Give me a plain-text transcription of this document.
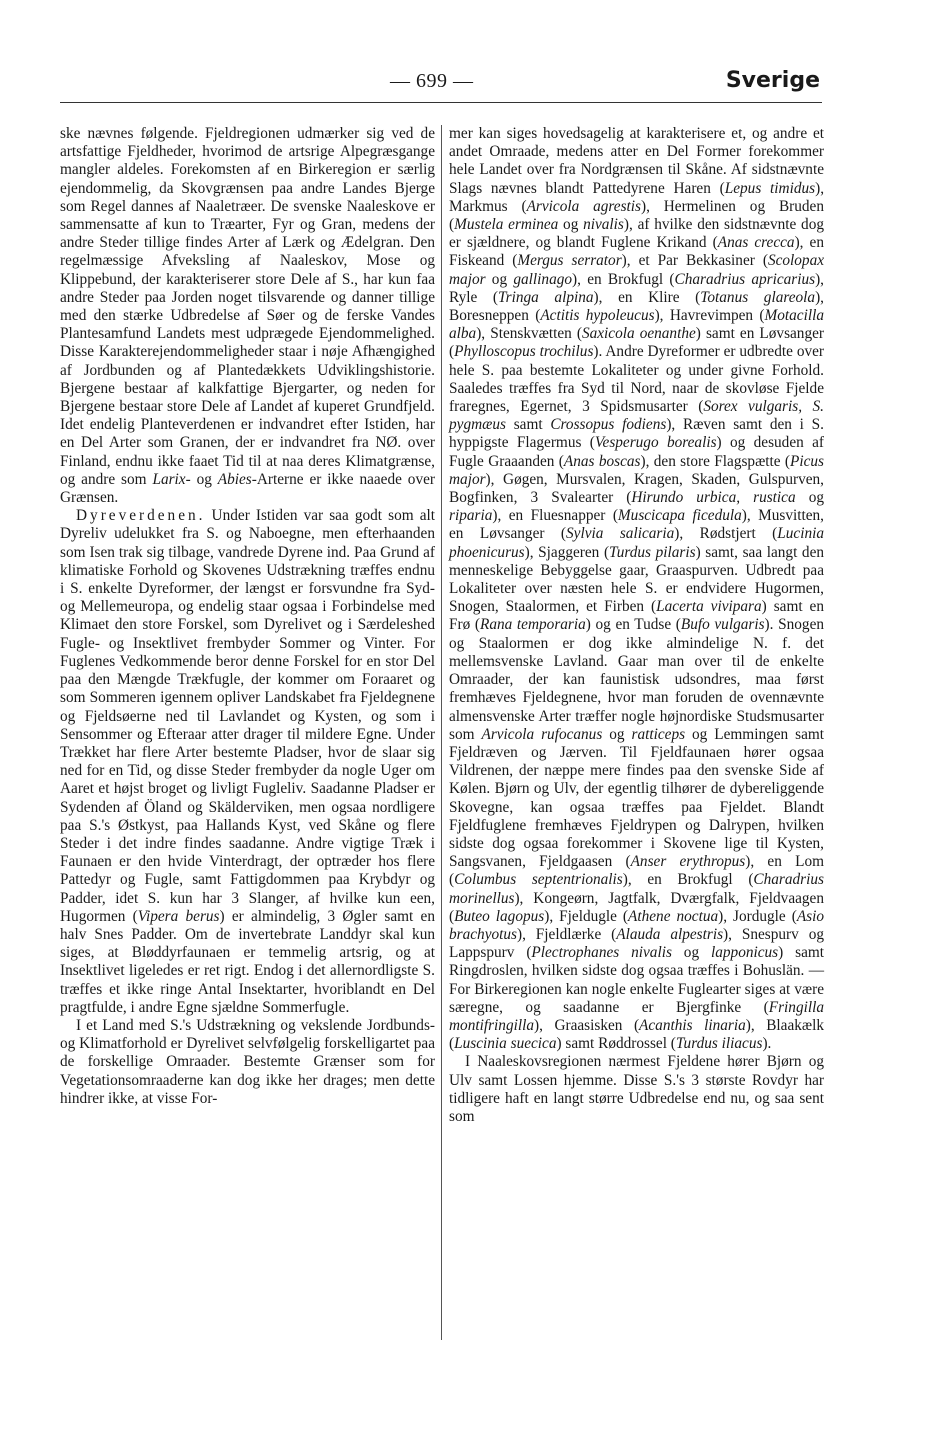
— 699 —	Sverige

ske nævnes følgende. Fjeldregionen udmærker sig ved de artsfattige Fjeldheder, hvorimod de artsrige Alpegræsgange mangler aldeles. Forekomsten af en Birkeregion er særlig ejendommelig, da Skovgrænsen paa andre Landes Bjerge som Regel dannes af Naaletræer. De svenske Naaleskove er sammensatte af kun to Træarter, Fyr og Gran, medens der andre Steder tillige findes Arter af Lærk og Ædelgran. Den regelmæssige Afveksling af Naaleskov, Mose og Klippebund, der karakteriserer store Dele af S., har kun faa andre Steder paa Jorden noget tilsvarende og danner tillige med den stærke Udbredelse af Søer og de ferske Vandes Plantesamfund Landets mest udprægede Ejendommelighed. Disse Karakterejendommeligheder staar i nøje Afhængighed af Jordbunden og af Plantedækkets Udviklingshistorie. Bjergene bestaar af kalkfattige Bjergarter, og neden for Bjergene bestaar store Dele af Landet af kuperet Grundfjeld. Idet endelig Planteverdenen er indvandret efter Istiden, har en Del Arter som Granen, der er indvandret fra NØ. over Finland, endnu ikke faaet Tid til at naa deres Klimatgrænse, og andre som Larix- og Abies-Arterne er ikke naaede over Grænsen.

Dyreverdenen. Under Istiden var saa godt som alt Dyreliv udelukket fra S. og Naboegne, men efterhaanden som Isen trak sig tilbage, vandrede Dyrene ind. Paa Grund af klimatiske Forhold og Skovenes Udstrækning træffes endnu i S. enkelte Dyreformer, der længst er forsvundne fra Syd- og Mellemeuropa, og endelig staar ogsaa i Forbindelse med Klimaet den store Forskel, som Dyrelivet og i Særdeleshed Fugle- og Insektlivet frembyder Sommer og Vinter. For Fuglenes Vedkommende beror denne Forskel for en stor Del paa den Mængde Trækfugle, der kommer om Foraaret og som Sommeren igennem opliver Landskabet fra Fjeldegnene og Fjeldsøerne ned til Lavlandet og Kysten, og som i Sensommer og Efteraar atter drager til mildere Egne. Under Trækket har flere Arter bestemte Pladser, hvor de slaar sig ned for en Tid, og disse Steder frembyder da nogle Uger om Aaret et højst broget og livligt Fugleliv. Saadanne Pladser er Sydenden af Öland og Skälderviken, men ogsaa nordligere paa S.'s Østkyst, paa Hallands Kyst, ved Skåne og flere Steder i det indre findes saadanne. Andre vigtige Træk i Faunaen er den hvide Vinterdragt, der optræder hos flere Pattedyr og Fugle, samt Fattigdommen paa Krybdyr og Padder, idet S. kun har 3 Slanger, af hvilke kun een, Hugormen (Vipera berus) er almindelig, 3 Øgler samt en halv Snes Padder. Om de invertebrate Landdyr skal kun siges, at Bløddyrfaunaen er temmelig artsrig, og at Insektlivet ligeledes er ret rigt. Endog i det allernordligste S. træffes et ikke ringe Antal Insektarter, hvoriblandt en Del pragtfulde, i andre Egne sjældne Sommerfugle.

I et Land med S.'s Udstrækning og vekslende Jordbunds- og Klimatforhold er Dyrelivet selvfølgelig forskelligartet paa de forskellige Omraader. Bestemte Grænser som for Vegetationsomraaderne kan dog ikke her drages; men dette hindrer ikke, at visse For-

mer kan siges hovedsagelig at karakterisere et, og andre et andet Omraade, medens atter en Del Former forekommer hele Landet over fra Nordgrænsen til Skåne. Af sidstnævnte Slags nævnes blandt Pattedyrene Haren (Lepus timidus), Markmus (Arvicola agrestis), Hermelinen og Bruden (Mustela erminea og nivalis), af hvilke den sidstnævnte dog er sjældnere, og blandt Fuglene Krikand (Anas crecca), en Fiskeand (Mergus serrator), et Par Bekkasiner (Scolopax major og gallinago), en Brokfugl (Charadrius apricarius), Ryle (Tringa alpina), en Klire (Totanus glareola), Boresneppen (Actitis hypoleucus), Havrevimpen (Motacilla alba), Stenskvætten (Saxicola oenanthe) samt en Løvsanger (Phylloscopus trochilus). Andre Dyreformer er udbredte over hele S. paa bestemte Lokaliteter og under givne Forhold. Saaledes træffes fra Syd til Nord, naar de skovløse Fjelde fraregnes, Egernet, 3 Spidsmusarter (Sorex vulgaris, S. pygmæus samt Crossopus fodiens), Ræven samt den i S. hyppigste Flagermus (Vesperugo borealis) og desuden af Fugle Graaanden (Anas boscas), den store Flagspætte (Picus major), Gøgen, Mursvalen, Kragen, Skaden, Gulspurven, Bogfinken, 3 Svalearter (Hirundo urbica, rustica og riparia), en Fluesnapper (Muscicapa ficedula), Musvitten, en Løvsanger (Sylvia salicaria), Rødstjert (Lucinia phoenicurus), Sjaggeren (Turdus pilaris) samt, saa langt den menneskelige Bebyggelse gaar, Graaspurven. Udbredt paa Lokaliteter over næsten hele S. er endvidere Hugormen, Snogen, Staalormen, et Firben (Lacerta vivipara) samt en Frø (Rana temporaria) og en Tudse (Bufo vulgaris). Snogen og Staalormen er dog ikke almindelige N. f. det mellemsvenske Lavland. Gaar man over til de enkelte Omraader, der kan faunistisk udsondres, maa først fremhæves Fjeldegnene, hvor man foruden de ovennævnte almensvenske Arter træffer nogle højnordiske Studsmusarter som Arvicola rufocanus og ratticeps og Lemmingen samt Fjeldræven og Jærven. Til Fjeldfaunaen hører ogsaa Vildrenen, der næppe mere findes paa den svenske Side af Kølen. Bjørn og Ulv, der egentlig tilhører de dybereliggende Skovegne, kan ogsaa træffes paa Fjeldet. Blandt Fjeldfuglene fremhæves Fjeldrypen og Dalrypen, hvilken sidste dog ogsaa forekommer i Skovene lige til Kysten, Sangsvanen, Fjeldgaasen (Anser erythropus), en Lom (Columbus septentrionalis), en Brokfugl (Charadrius morinellus), Kongeørn, Jagtfalk, Dværgfalk, Fjeldvaagen (Buteo lagopus), Fjeldugle (Athene noctua), Jordugle (Asio brachyotus), Fjeldlærke (Alauda alpestris), Snespurv og Lappspurv (Plectrophanes nivalis og lapponicus) samt Ringdroslen, hvilken sidste dog ogsaa træffes i Bohuslän. — For Birkeregionen kan nogle enkelte Fuglearter siges at være særegne, og saadanne er Bjergfinke (Fringilla montifringilla), Graasisken (Acanthis linaria), Blaakælk (Luscinia suecica) samt Røddrossel (Turdus iliacus).

I Naaleskovsregionen nærmest Fjeldene hører Bjørn og Ulv samt Lossen hjemme. Disse S.'s 3 største Rovdyr har tidligere haft en langt større Udbredelse end nu, og saa sent som
